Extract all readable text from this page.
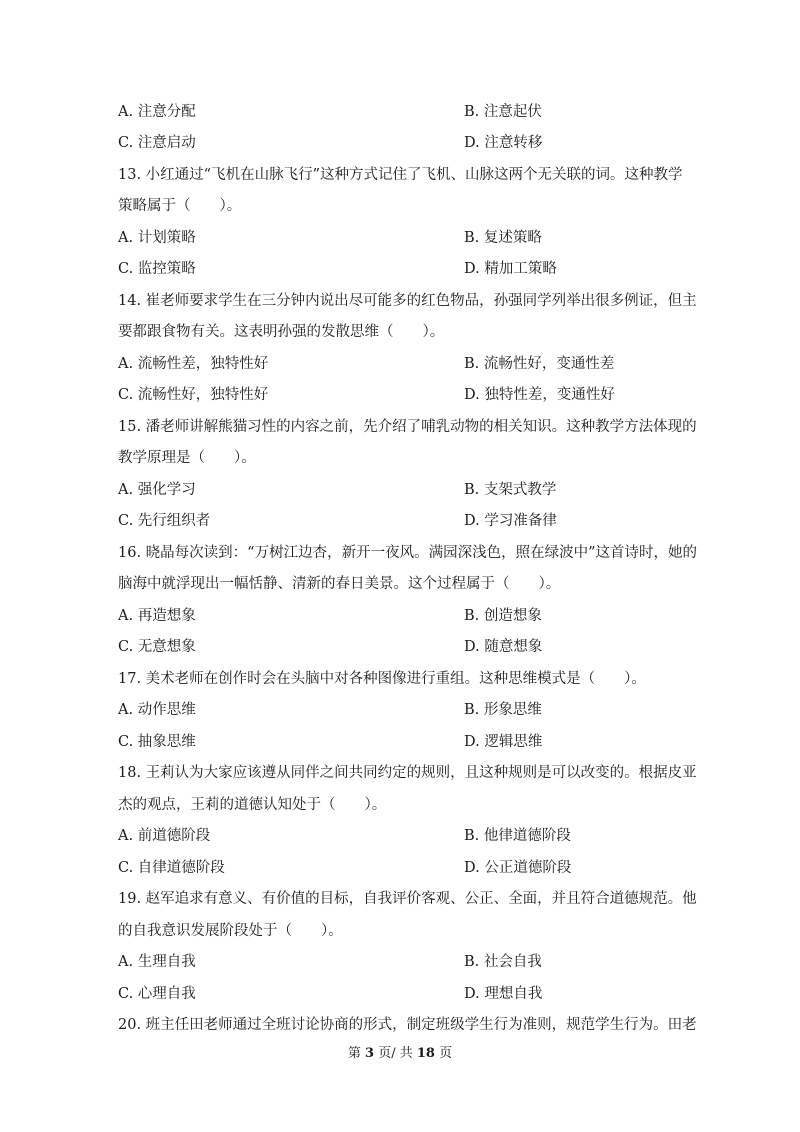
A. 注意分配	B. 注意起伏
C. 注意启动	D. 注意转移
13. 小红通过“飞机在山脉飞行”这种方式记住了飞机、山脉这两个无关联的词。这种教学
策略属于（　　）。
A. 计划策略	B. 复述策略
C. 监控策略	D. 精加工策略
14. 崔老师要求学生在三分钟内说出尽可能多的红色物品，孙强同学列举出很多例证，但主
要都跟食物有关。这表明孙强的发散思维（　　）。
A. 流畅性差，独特性好	B. 流畅性好，变通性差
C. 流畅性好，独特性好	D. 独特性差，变通性好
15. 潘老师讲解熊猫习性的内容之前，先介绍了哺乳动物的相关知识。这种教学方法体现的
教学原理是（　　）。
A. 强化学习	B. 支架式教学
C. 先行组织者	D. 学习准备律
16. 晓晶每次读到：“万树江边杏，新开一夜风。满园深浅色，照在绿波中”这首诗时，她的
脑海中就浮现出一幅恬静、清新的春日美景。这个过程属于（　　）。
A. 再造想象	B. 创造想象
C. 无意想象	D. 随意想象
17. 美术老师在创作时会在头脑中对各种图像进行重组。这种思维模式是（　　）。
A. 动作思维	B. 形象思维
C. 抽象思维	D. 逻辑思维
18. 王莉认为大家应该遵从同伴之间共同约定的规则，且这种规则是可以改变的。根据皮亚
杰的观点，王莉的道德认知处于（　　）。
A. 前道德阶段	B. 他律道德阶段
C. 自律道德阶段	D. 公正道德阶段
19. 赵军追求有意义、有价值的目标，自我评价客观、公正、全面，并且符合道德规范。他
的自我意识发展阶段处于（　　）。
A. 生理自我	B. 社会自我
C. 心理自我	D. 理想自我
20. 班主任田老师通过全班讨论协商的形式，制定班级学生行为准则，规范学生行为。田老
第 3 页/ 共 18 页
